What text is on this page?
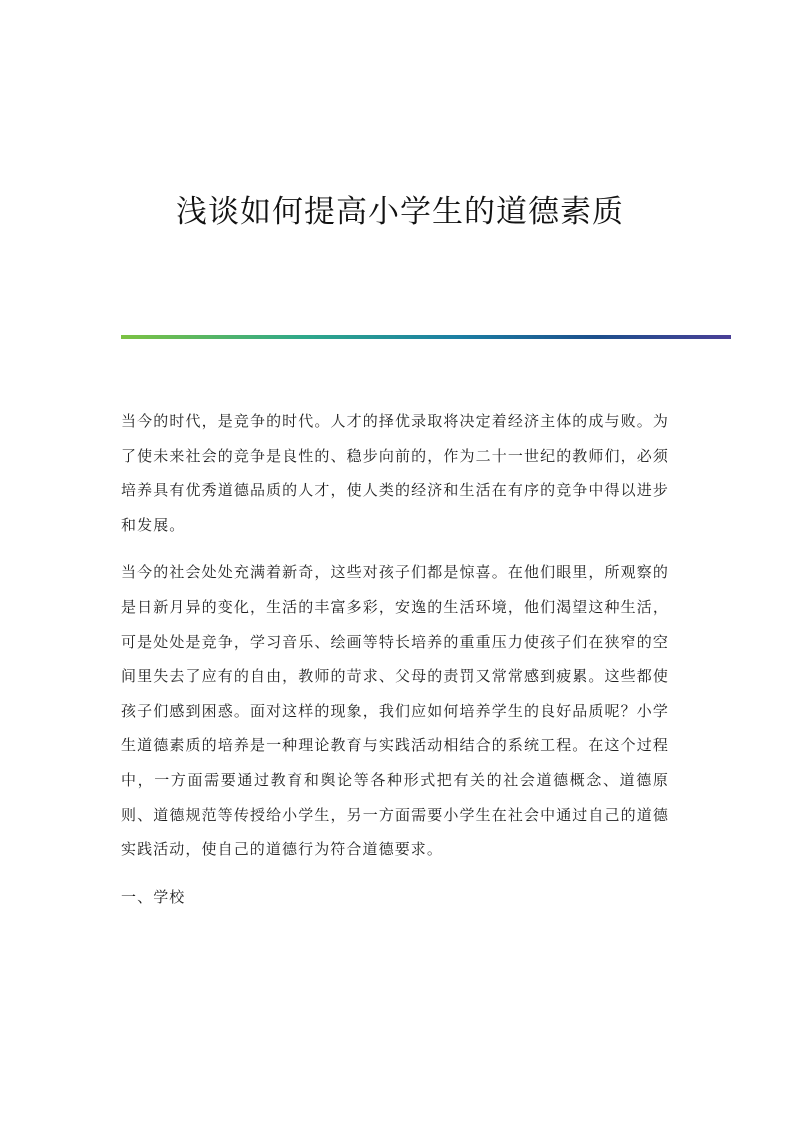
浅谈如何提高小学生的道德素质

当今的时代，是竞争的时代。人才的择优录取将决定着经济主体的成与败。为了使未来社会的竞争是良性的、稳步向前的，作为二十一世纪的教师们，必须培养具有优秀道德品质的人才，使人类的经济和生活在有序的竞争中得以进步和发展。

当今的社会处处充满着新奇，这些对孩子们都是惊喜。在他们眼里，所观察的是日新月异的变化，生活的丰富多彩，安逸的生活环境，他们渴望这种生活，可是处处是竞争，学习音乐、绘画等特长培养的重重压力使孩子们在狭窄的空间里失去了应有的自由，教师的苛求、父母的责罚又常常感到疲累。这些都使孩子们感到困惑。面对这样的现象，我们应如何培养学生的良好品质呢？小学生道德素质的培养是一种理论教育与实践活动相结合的系统工程。在这个过程中，一方面需要通过教育和舆论等各种形式把有关的社会道德概念、道德原则、道德规范等传授给小学生，另一方面需要小学生在社会中通过自己的道德实践活动，使自己的道德行为符合道德要求。

一、学校
